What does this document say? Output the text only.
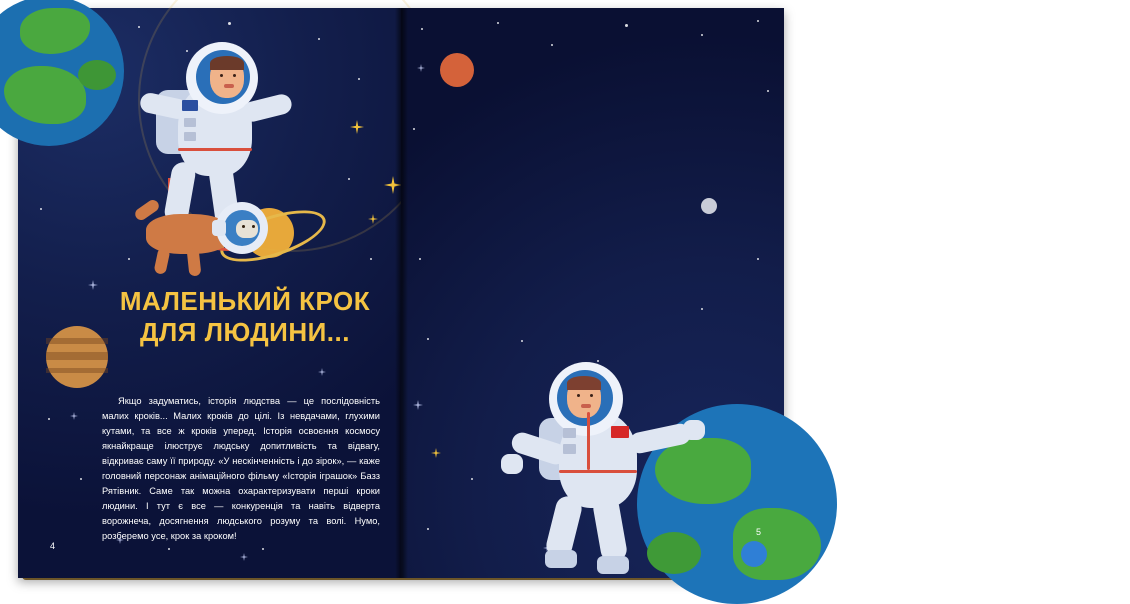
МАЛЕНЬКИЙ КРОК
ДЛЯ ЛЮДИНИ...

Якщо задуматись, історія людства — це послідовність малих кроків... Малих кроків до цілі. Із невдачами, глухими кутами, та все ж кроків уперед. Історія освоєння космосу якнайкраще ілюструє людську допитливість та відвагу, відкриває саму її природу. «У нескінченність і до зірок», — каже головний персонаж анімаційного фільму «Історія іграшок» Базз Рятівник. Саме так можна охарактеризувати перші кроки людини. І тут є все — конкуренція та навіть відверта ворожнеча, досягнення людського розуму та волі. Нумо, розберемо усе, крок за кроком!

4

Поки людина не подолала силу тяжіння, літати, як птах, було її нездійсненною мрією від часів легенд. Дедал та Ікар — ось наші перші герої. Давньогрецький міф про батька й сина, що таки полетіли, оснастившись крилами, як у птахів. Та Ікар не знав невдачі.

Були сміливці, які прагнули повторити політ у реальності. І кроки, якими людство відмірало відстань до мети, — це не лише різноманітні творіння відчайдухів, а й розвиток теоретичної науки: відкриття законів механіки й аеродинаміки, що врешті дало змогу запустити перші літальні апарати, важкі за повітря, та здійснити омріяний століттями пілотований політ. Нові літальні апарати одразу ж оцінили військові, які прагнули за будь-яку ціну мати перевагу над супротивником.

З освоєнням космосу сталось так само. Одразу після Другої світової війни дві наддержави, США та СРСР, намагалися здобути військову перевагу у конструюванні та виробництві балістичних ракет, які могли б нести ядерний заряд на тисячі кілометрів. Це, як не дивно, стало відправною точкою освоєння космосу. На старті першість ненадовго здобув СРСР, який

5
